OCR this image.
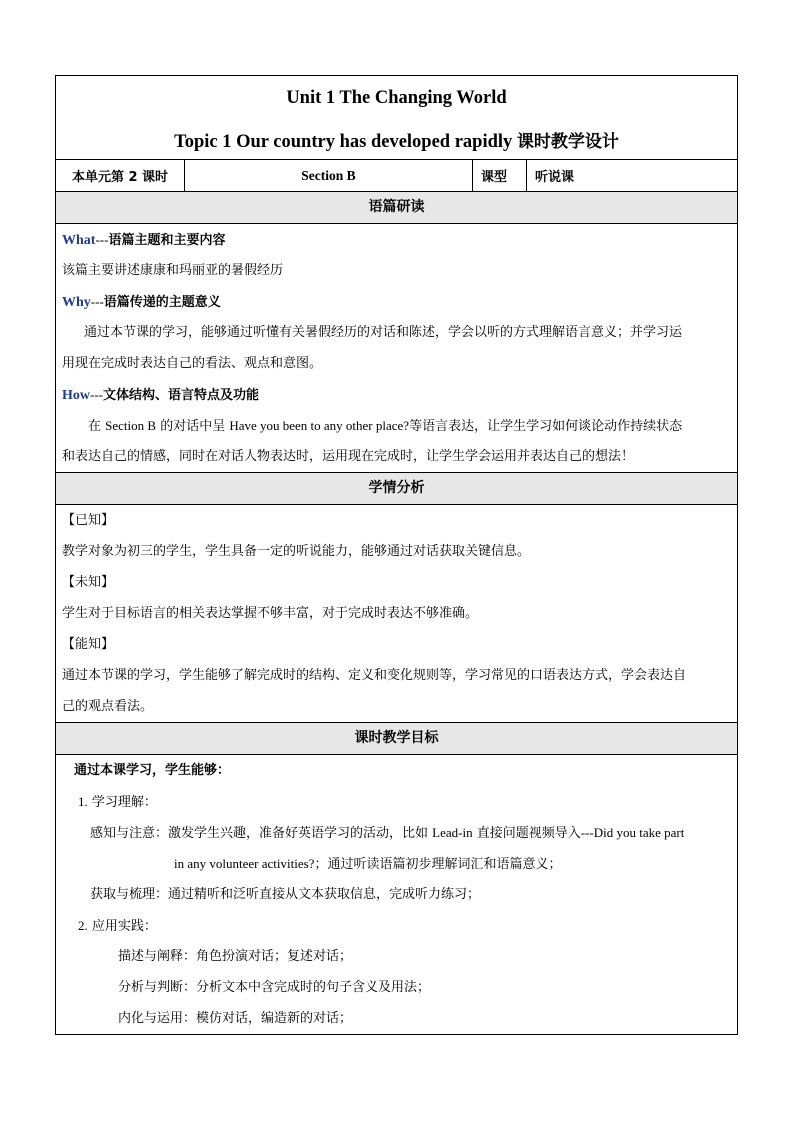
Unit 1 The Changing World
Topic 1 Our country has developed rapidly 课时教学设计
本单元第 2 课时	Section B	课型	听说课
语篇研读
What---语篇主题和主要内容
该篇主要讲述康康和玛丽亚的暑假经历
Why---语篇传递的主题意义
通过本节课的学习，能够通过听懂有关暑假经历的对话和陈述，学会以听的方式理解语言意义；并学习运
用现在完成时表达自己的看法、观点和意图。
How---文体结构、语言特点及功能
在 Section B 的对话中呈 Have you been to any other place?等语言表达，让学生学习如何谈论动作持续状态
和表达自己的情感，同时在对话人物表达时，运用现在完成时，让学生学会运用并表达自己的想法！
学情分析
【已知】
教学对象为初三的学生，学生具备一定的听说能力，能够通过对话获取关键信息。
【未知】
学生对于目标语言的相关表达掌握不够丰富，对于完成时表达不够准确。
【能知】
通过本节课的学习，学生能够了解完成时的结构、定义和变化规则等，学习常见的口语表达方式，学会表达自
己的观点看法。
课时教学目标
通过本课学习，学生能够：
1. 学习理解：
感知与注意：激发学生兴趣，准备好英语学习的活动，比如 Lead-in 直接问题视频导入---Did you take part
in any volunteer activities?；通过听读语篇初步理解词汇和语篇意义；
获取与梳理：通过精听和泛听直接从文本获取信息，完成听力练习；
2. 应用实践：
描述与阐释：角色扮演对话；复述对话；
分析与判断：分析文本中含完成时的句子含义及用法；
内化与运用：模仿对话，编造新的对话；
